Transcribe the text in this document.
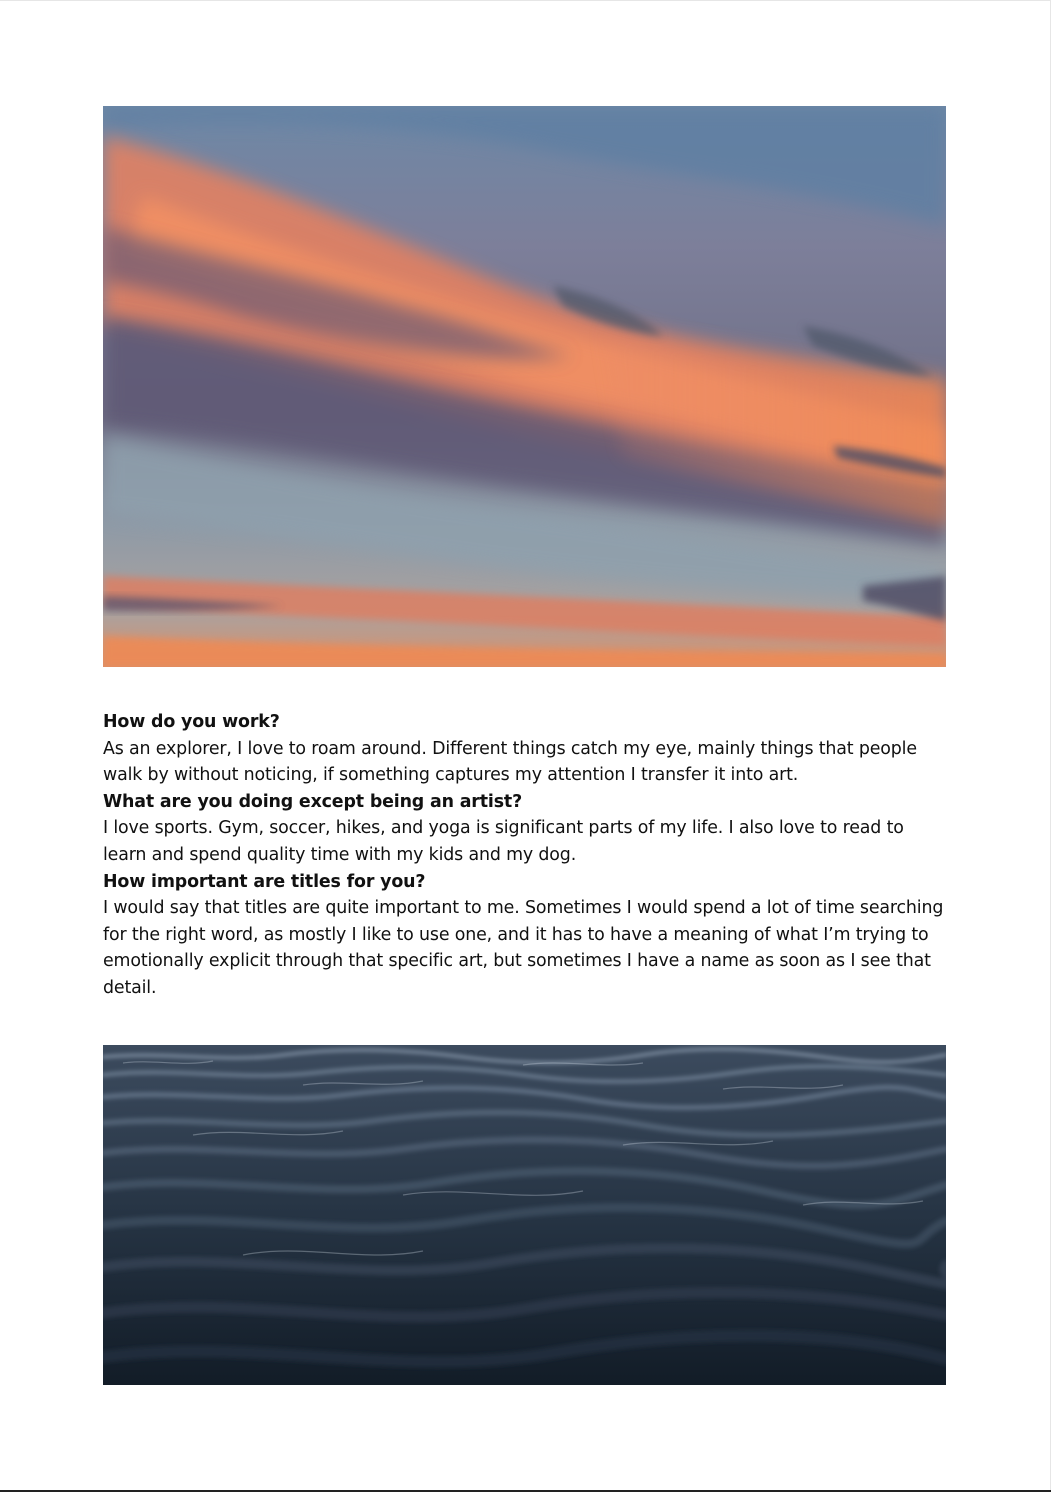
How do you work?

As an explorer, I love to roam around. Different things catch my eye, mainly things that people walk by without noticing, if something captures my attention I transfer it into art.

What are you doing except being an artist?

I love sports. Gym, soccer, hikes, and yoga is significant parts of my life. I also love to read to learn and spend quality time with my kids and my dog.

How important are titles for you?

I would say that titles are quite important to me. Sometimes I would spend a lot of time searching for the right word, as mostly I like to use one, and it has to have a meaning of what I’m trying to emotionally explicit through that specific art, but sometimes I have a name as soon as I see that detail.
